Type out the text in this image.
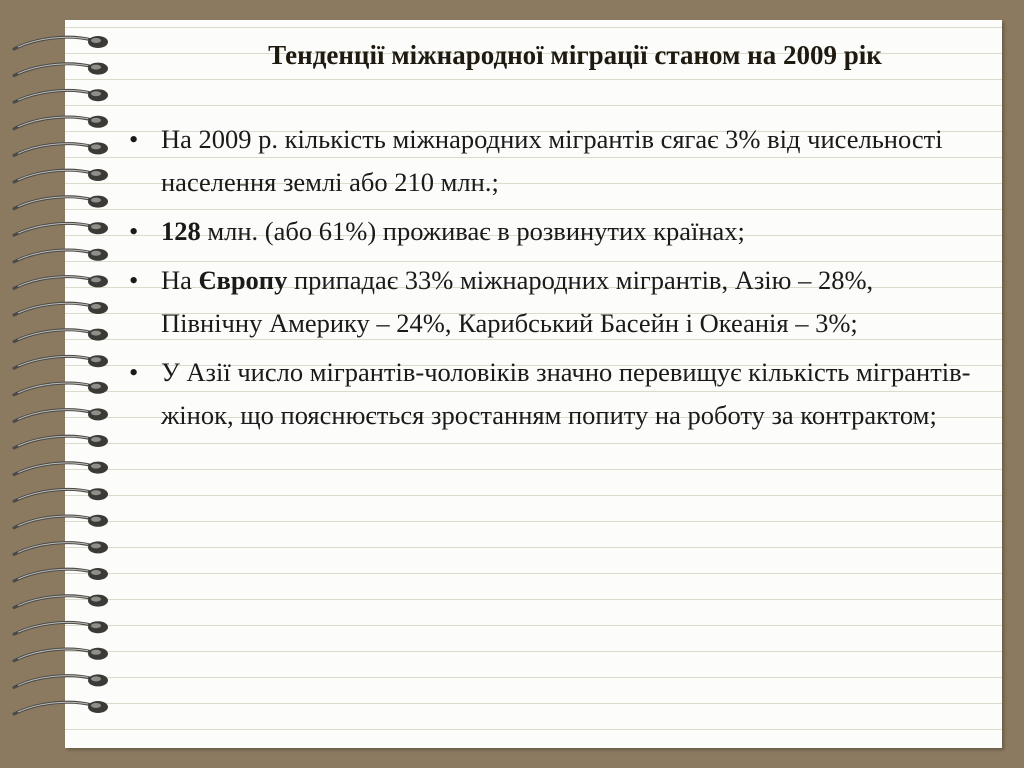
Тенденції міжнародної міграції станом на 2009 рік
• На 2009 р. кількість міжнародних мігрантів сягає 3% від чисельності населення землі або 210 млн.;
• 128 млн. (або 61%) проживає в розвинутих країнах;
• На Європу припадає 33% міжнародних мігрантів, Азію – 28%, Північну Америку – 24%, Карибський Басейн і Океанія – 3%;
• У Азії число мігрантів-чоловіків значно перевищує кількість мігрантів-жінок, що пояснюється зростанням попиту на роботу за контрактом;
